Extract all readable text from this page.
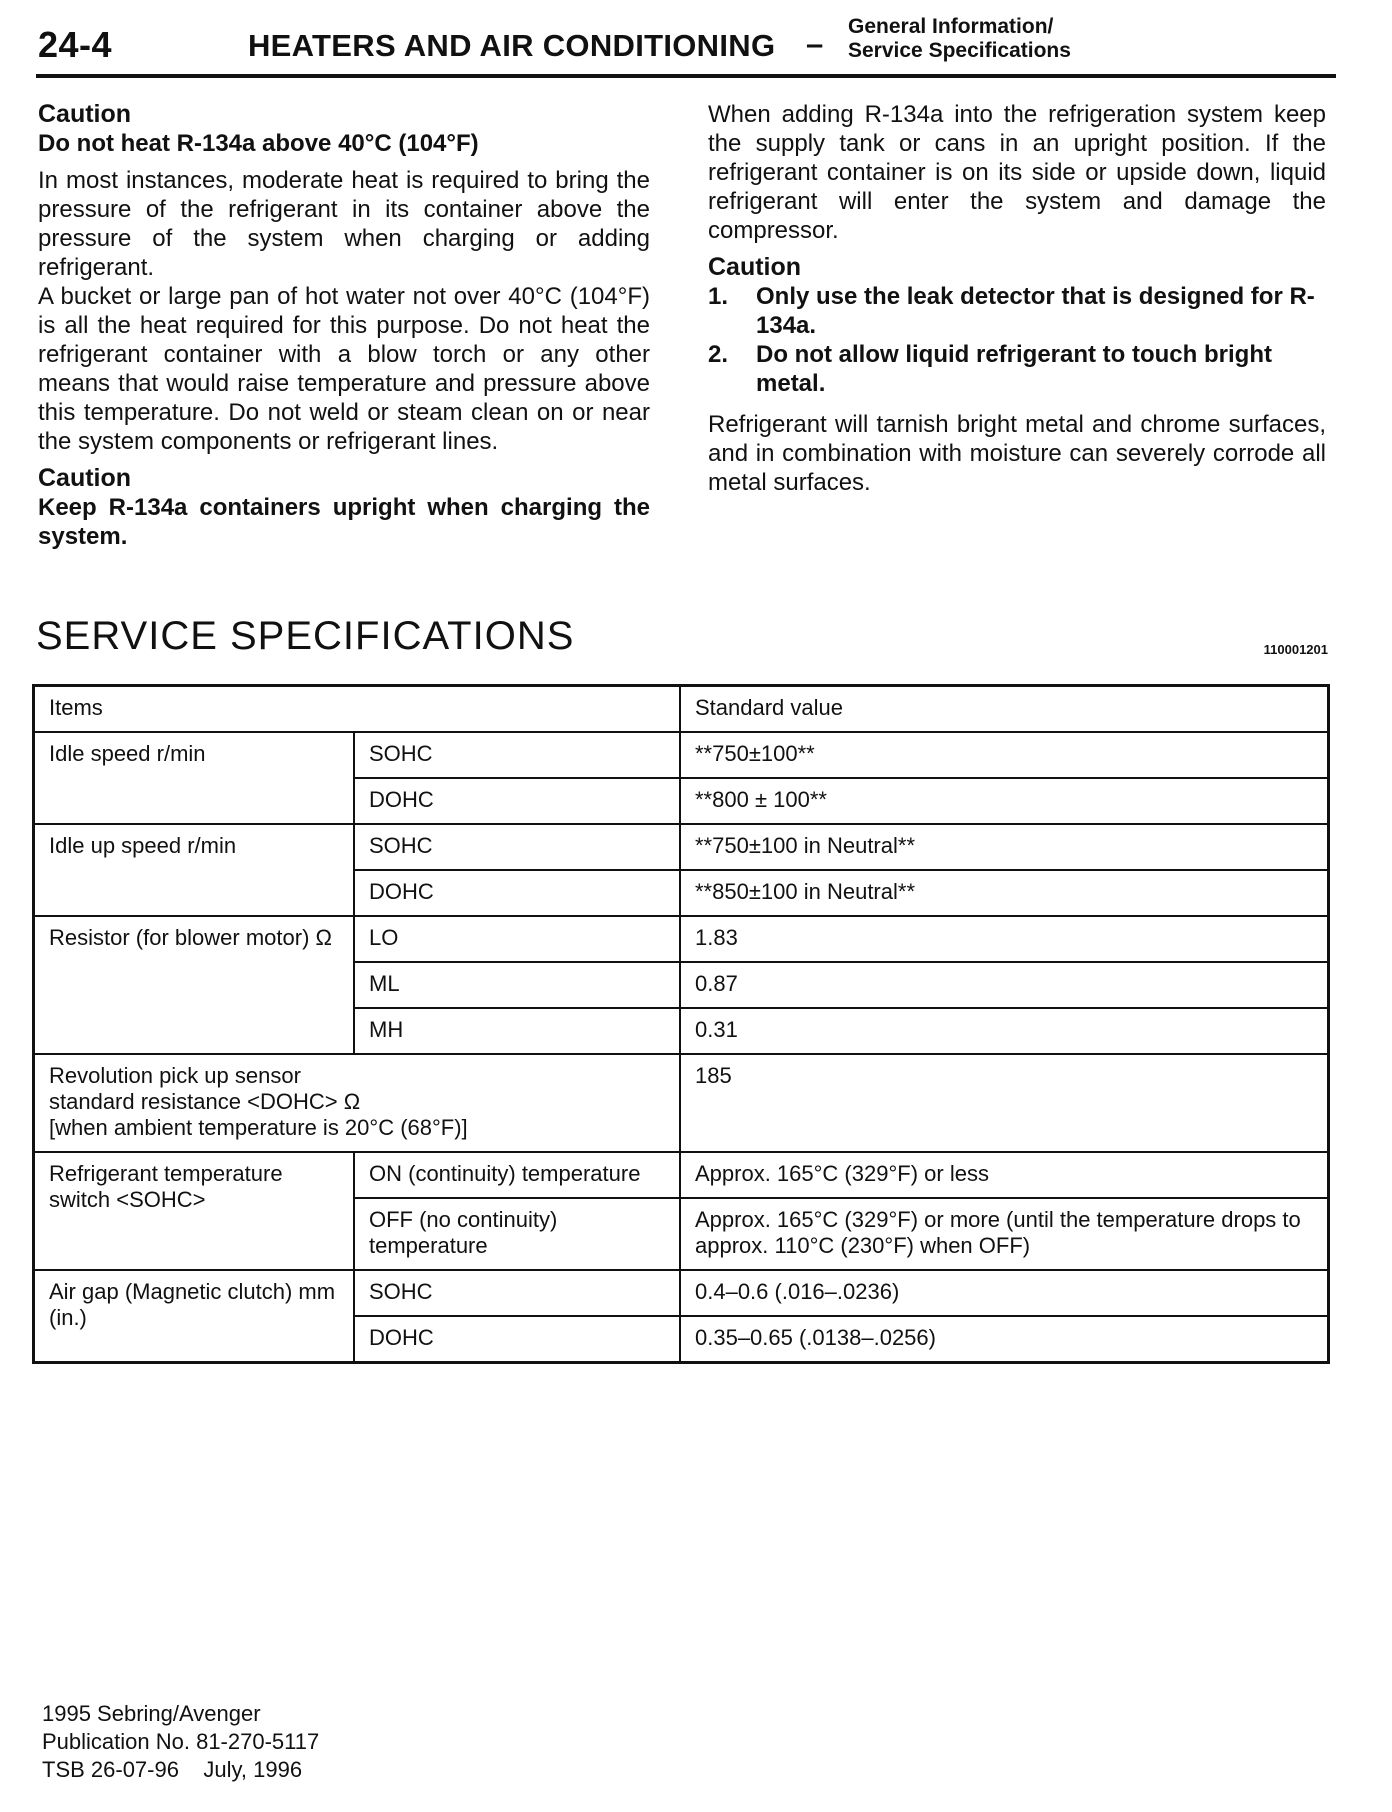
24-4	HEATERS AND AIR CONDITIONING – General Information/
Service Specifications

Caution

Do not heat R-134a above 40°C (104°F)

In most instances, moderate heat is required to bring the pressure of the refrigerant in its container above the pressure of the system when charging or adding refrigerant.

A bucket or large pan of hot water not over 40°C (104°F) is all the heat required for this purpose. Do not heat the refrigerant container with a blow torch or any other means that would raise temperature and pressure above this temperature. Do not weld or steam clean on or near the system components or refrigerant lines.

Caution

Keep R-134a containers upright when charging the system.

When adding R-134a into the refrigeration system keep the supply tank or cans in an upright position. If the refrigerant container is on its side or upside down, liquid refrigerant will enter the system and damage the compressor.

Caution

1. Only use the leak detector that is designed for R-134a.
2. Do not allow liquid refrigerant to touch bright metal.

Refrigerant will tarnish bright metal and chrome surfaces, and in combination with moisture can severely corrode all metal surfaces.

SERVICE SPECIFICATIONS	110001201
Items		Standard value
Idle speed r/min	SOHC	**750±100**
	DOHC	**800 ± 100**
Idle up speed r/min	SOHC	**750±100 in Neutral**
	DOHC	**850±100 in Neutral**
Resistor (for blower motor) Ω	LO	1.83
	ML	0.87
	MH	0.31

Revolution pick up sensor
standard resistance <DOHC> Ω
[when ambient temperature is 20°C (68°F)]		185
Refrigerant temperature switch <SOHC>	ON (continuity) temperature	Approx. 165°C (329°F) or less
	OFF (no continuity) temperature	Approx. 165°C (329°F) or more (until the temperature drops to approx. 110°C (230°F) when OFF)
Air gap (Magnetic clutch) mm (in.)	SOHC	0.4–0.6 (.016–.0236)
	DOHC	0.35–0.65 (.0138–.0256)
1995 Sebring/Avenger
Publication No. 81-270-5117
TSB 26-07-96    July, 1996
